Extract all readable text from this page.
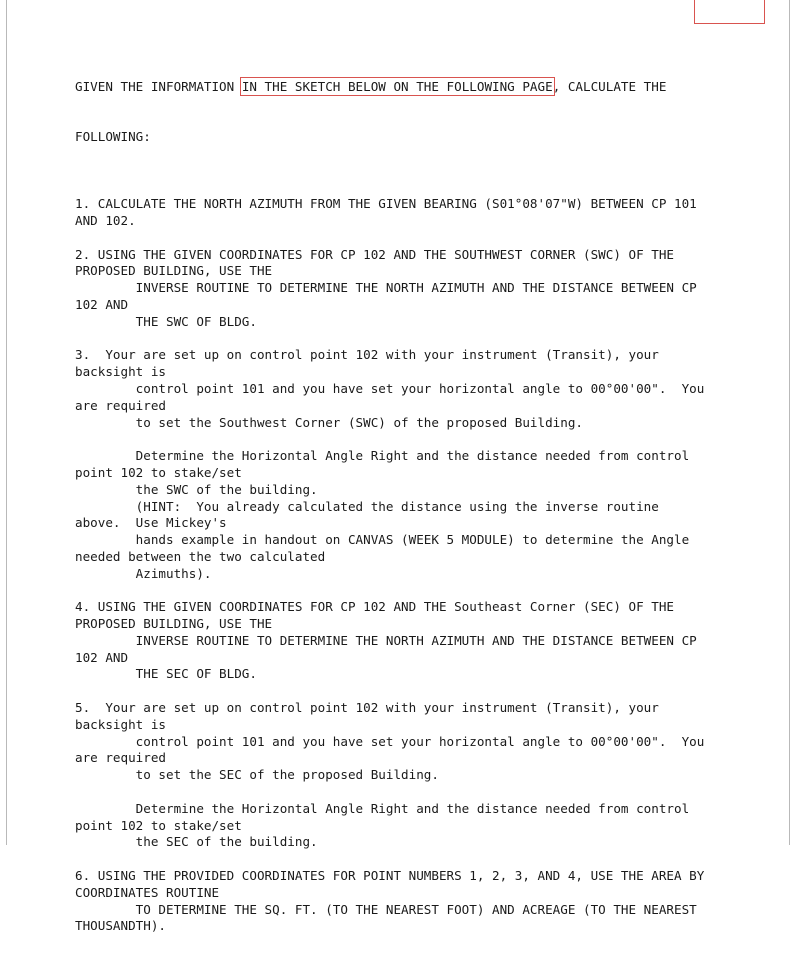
GIVEN THE INFORMATION IN THE SKETCH BELOW ON THE FOLLOWING PAGE, CALCULATE THE

FOLLOWING:

1. CALCULATE THE NORTH AZIMUTH FROM THE GIVEN BEARING (S01°08'07"W) BETWEEN CP 101
AND 102.
2. USING THE GIVEN COORDINATES FOR CP 102 AND THE SOUTHWEST CORNER (SWC) OF THE
PROPOSED BUILDING, USE THE
INVERSE ROUTINE TO DETERMINE THE NORTH AZIMUTH AND THE DISTANCE BETWEEN CP
102 AND
THE SWC OF BLDG.
3.  Your are set up on control point 102 with your instrument (Transit), your
backsight is
control point 101 and you have set your horizontal angle to 00°00'00".  You
are required
to set the Southwest Corner (SWC) of the proposed Building.
Determine the Horizontal Angle Right and the distance needed from control
point 102 to stake/set
the SWC of the building.
(HINT:  You already calculated the distance using the inverse routine
above.  Use Mickey's
hands example in handout on CANVAS (WEEK 5 MODULE) to determine the Angle
needed between the two calculated
Azimuths).
4. USING THE GIVEN COORDINATES FOR CP 102 AND THE Southeast Corner (SEC) OF THE
PROPOSED BUILDING, USE THE
INVERSE ROUTINE TO DETERMINE THE NORTH AZIMUTH AND THE DISTANCE BETWEEN CP
102 AND
THE SEC OF BLDG.
5.  Your are set up on control point 102 with your instrument (Transit), your
backsight is
control point 101 and you have set your horizontal angle to 00°00'00".  You
are required
to set the SEC of the proposed Building.
Determine the Horizontal Angle Right and the distance needed from control
point 102 to stake/set
the SEC of the building.
6. USING THE PROVIDED COORDINATES FOR POINT NUMBERS 1, 2, 3, AND 4, USE THE AREA BY
COORDINATES ROUTINE
TO DETERMINE THE SQ. FT. (TO THE NEAREST FOOT) AND ACREAGE (TO THE NEAREST
THOUSANDTH).
